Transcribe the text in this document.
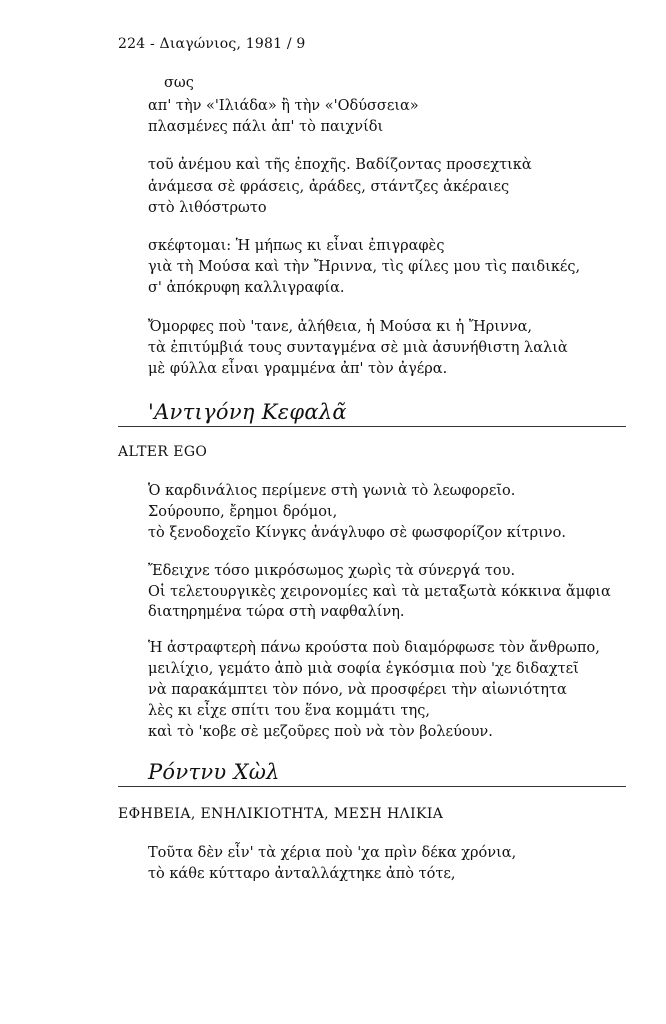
224 - Διαγώνιος, 1981 / 9
σως
απ' τὴν «'Ιλιάδα» ἢ τὴν «'Οδύσσεια»
πλασμένες πάλι ἀπ' τὸ παιχνίδι
τοῦ ἀνέμου καὶ τῆς ἐποχῆς. Βαδίζοντας προσεχτικὰ
ἀνάμεσα σὲ φράσεις, ἀράδες, στάντζες ἀκέραιες
στὸ λιθόστρωτο
σκέφτομαι: Ἡ μήπως κι εἶναι ἐπιγραφὲς
γιὰ τὴ Μούσα καὶ τὴν Ἤριννα, τὶς φίλες μου τὶς παιδικές,
σ' ἀπόκρυφη καλλιγραφία.
Ὄμορφες ποὺ 'τανε, ἀλήθεια, ἡ Μούσα κι ἡ Ἤριννα,
τὰ ἐπιτύμβιά τους συνταγμένα σὲ μιὰ ἀσυνήθιστη λαλιὰ
μὲ φύλλα εἶναι γραμμένα ἀπ' τὸν ἀγέρα.
'Αντιγόνη Κεφαλᾶ
ALTER EGO
Ὁ καρδινάλιος περίμενε στὴ γωνιὰ τὸ λεωφορεῖο.
Σούρουπο, ἔρημοι δρόμοι,
τὸ ξενοδοχεῖο Κίνγκς ἀνάγλυφο σὲ φωσφορίζον κίτρινο.
Ἔδειχνε τόσο μικρόσωμος χωρὶς τὰ σύνεργά του.
Οἱ τελετουργικὲς χειρονομίες καὶ τὰ μεταξωτὰ κόκκινα ἄμφια
διατηρημένα τώρα στὴ ναφθαλίνη.
Ἡ ἀστραφτερὴ πάνω κρούστα ποὺ διαμόρφωσε τὸν ἄνθρωπο,
μειλίχιο, γεμάτο ἀπὸ μιὰ σοφία ἐγκόσμια ποὺ 'χε διδαχτεῖ
νὰ παρακάμπτει τὸν πόνο, νὰ προσφέρει τὴν αἰωνιότητα
λὲς κι εἶχε σπίτι του ἕνα κομμάτι της,
καὶ τὸ 'κοβε σὲ μεζοῦρες ποὺ νὰ τὸν βολεύουν.
Ρόντνυ Χὼλ
ΕΦΗΒΕΙΑ, ΕΝΗΛΙΚΙΟΤΗΤΑ, ΜΕΣΗ ΗΛΙΚΙΑ
Τοῦτα δὲν εἶν' τὰ χέρια ποὺ 'χα πρὶν δέκα χρόνια,
τὸ κάθε κύτταρο ἀνταλλάχτηκε ἀπὸ τότε,
